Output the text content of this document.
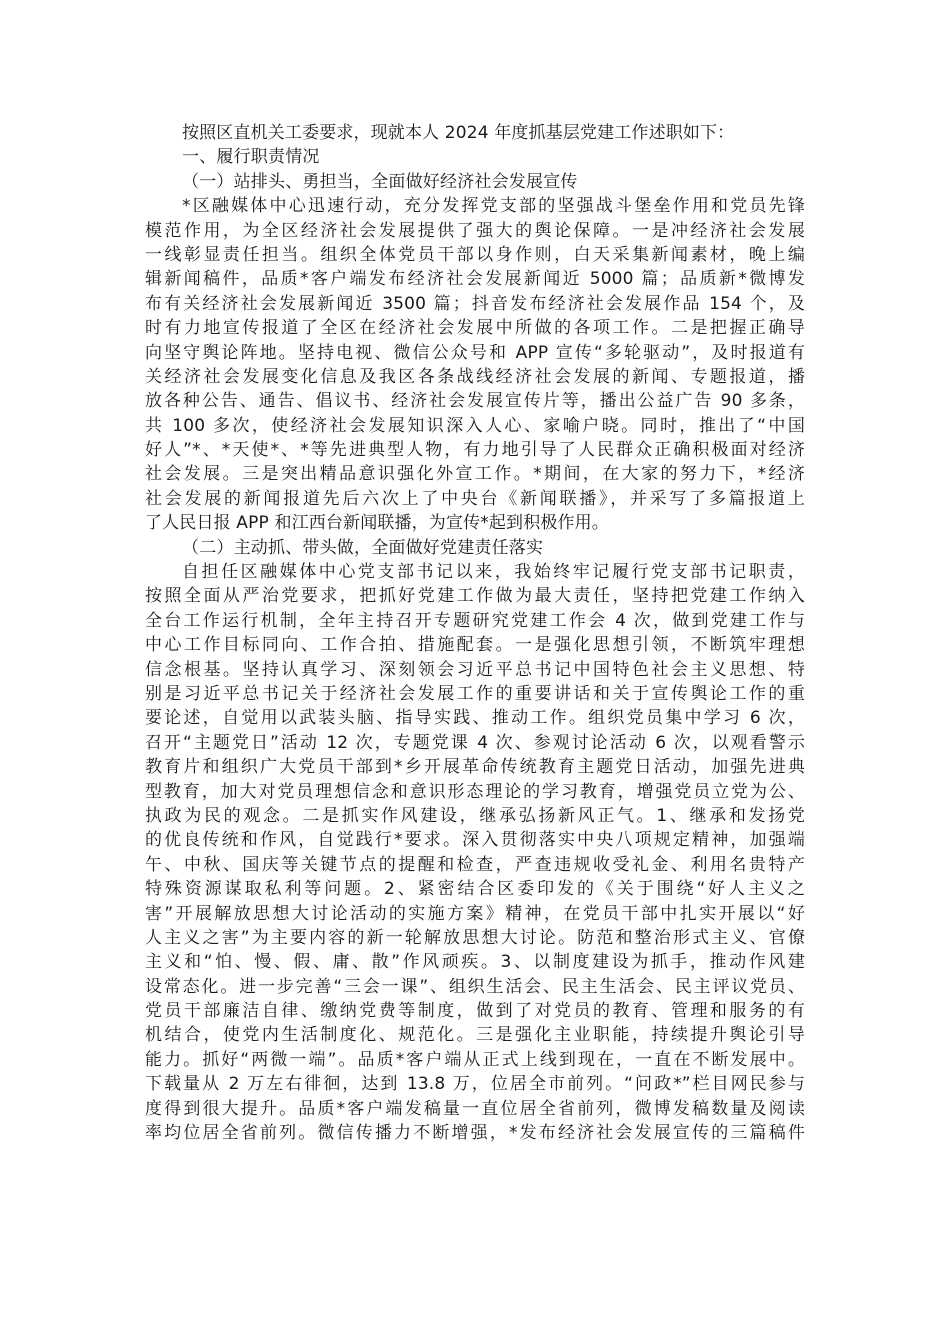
按照区直机关工委要求，现就本人 2024 年度抓基层党建工作述职如下：
一、履行职责情况
（一）站排头、勇担当，全面做好经济社会发展宣传
*区融媒体中心迅速行动，充分发挥党支部的坚强战斗堡垒作用和党员先锋
模范作用，为全区经济社会发展提供了强大的舆论保障。一是冲经济社会发展
一线彰显责任担当。组织全体党员干部以身作则，白天采集新闻素材，晚上编
辑新闻稿件，品质*客户端发布经济社会发展新闻近 5000 篇；品质新*微博发
布有关经济社会发展新闻近 3500 篇；抖音发布经济社会发展作品 154 个，及
时有力地宣传报道了全区在经济社会发展中所做的各项工作。二是把握正确导
向坚守舆论阵地。坚持电视、微信公众号和 APP 宣传“多轮驱动”，及时报道有
关经济社会发展变化信息及我区各条战线经济社会发展的新闻、专题报道，播
放各种公告、通告、倡议书、经济社会发展宣传片等，播出公益广告 90 多条，
共 100 多次，使经济社会发展知识深入人心、家喻户晓。同时，推出了“中国
好人”*、*天使*、*等先进典型人物，有力地引导了人民群众正确积极面对经济
社会发展。三是突出精品意识强化外宣工作。*期间，在大家的努力下，*经济
社会发展的新闻报道先后六次上了中央台《新闻联播》，并采写了多篇报道上
了人民日报 APP 和江西台新闻联播，为宣传*起到积极作用。
（二）主动抓、带头做，全面做好党建责任落实
自担任区融媒体中心党支部书记以来，我始终牢记履行党支部书记职责，
按照全面从严治党要求，把抓好党建工作做为最大责任，坚持把党建工作纳入
全台工作运行机制，全年主持召开专题研究党建工作会 4 次，做到党建工作与
中心工作目标同向、工作合拍、措施配套。一是强化思想引领，不断筑牢理想
信念根基。坚持认真学习、深刻领会习近平总书记中国特色社会主义思想、特
别是习近平总书记关于经济社会发展工作的重要讲话和关于宣传舆论工作的重
要论述，自觉用以武装头脑、指导实践、推动工作。组织党员集中学习 6 次，
召开“主题党日”活动 12 次，专题党课 4 次、参观讨论活动 6 次，以观看警示
教育片和组织广大党员干部到*乡开展革命传统教育主题党日活动，加强先进典
型教育，加大对党员理想信念和意识形态理论的学习教育，增强党员立党为公、
执政为民的观念。二是抓实作风建设，继承弘扬新风正气。1、继承和发扬党
的优良传统和作风，自觉践行*要求。深入贯彻落实中央八项规定精神，加强端
午、中秋、国庆等关键节点的提醒和检查，严查违规收受礼金、利用名贵特产
特殊资源谋取私利等问题。2、紧密结合区委印发的《关于围绕“好人主义之
害”开展解放思想大讨论活动的实施方案》精神，在党员干部中扎实开展以“好
人主义之害”为主要内容的新一轮解放思想大讨论。防范和整治形式主义、官僚
主义和“怕、慢、假、庸、散”作风顽疾。3、以制度建设为抓手，推动作风建
设常态化。进一步完善“三会一课”、组织生活会、民主生活会、民主评议党员、
党员干部廉洁自律、缴纳党费等制度，做到了对党员的教育、管理和服务的有
机结合，使党内生活制度化、规范化。三是强化主业职能，持续提升舆论引导
能力。抓好“两微一端”。品质*客户端从正式上线到现在，一直在不断发展中。
下载量从 2 万左右徘徊，达到 13.8 万，位居全市前列。“问政*”栏目网民参与
度得到很大提升。品质*客户端发稿量一直位居全省前列，微博发稿数量及阅读
率均位居全省前列。微信传播力不断增强，*发布经济社会发展宣传的三篇稿件
